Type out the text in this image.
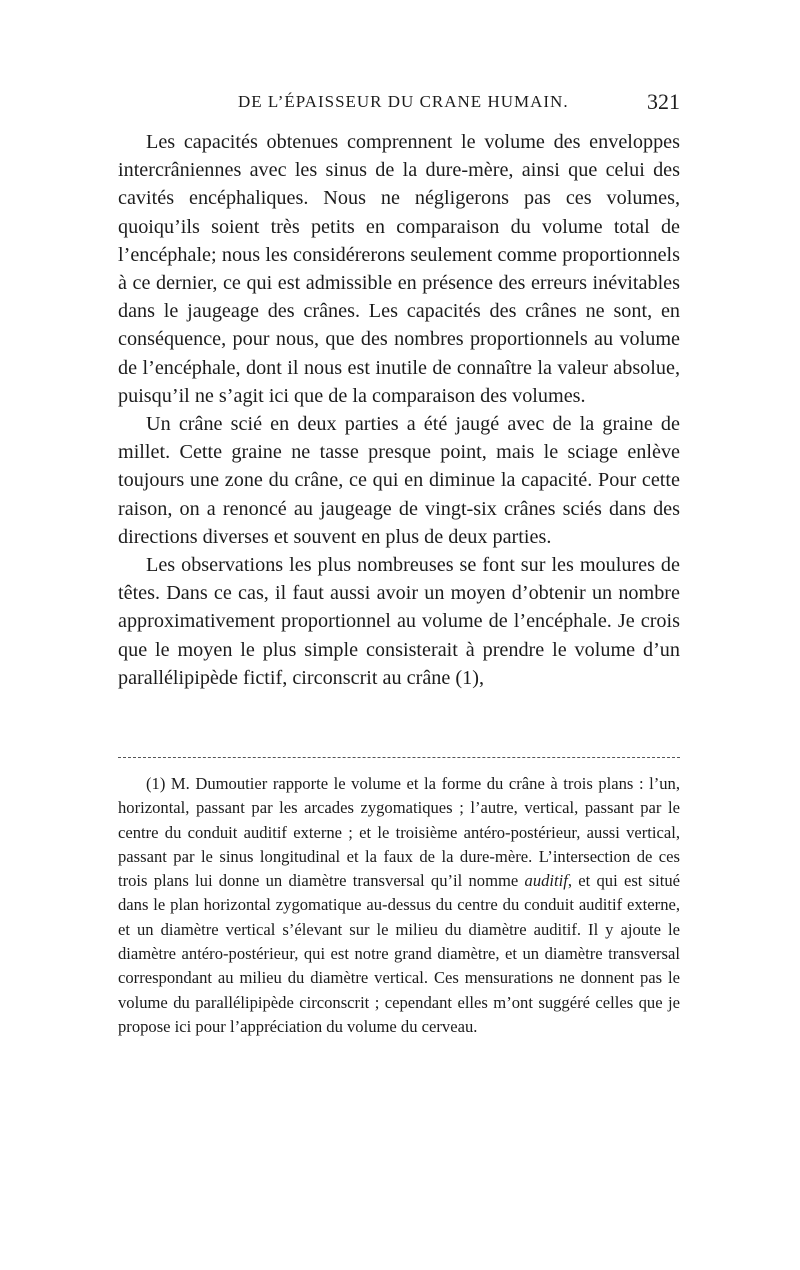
DE L’ÉPAISSEUR DU CRANE HUMAIN.	321

Les capacités obtenues comprennent le volume des enveloppes intercrâniennes avec les sinus de la dure-mère, ainsi que celui des cavités encéphaliques. Nous ne négligerons pas ces volumes, quoiqu’ils soient très petits en comparaison du volume total de l’encéphale; nous les considérerons seulement comme proportionnels à ce dernier, ce qui est admissible en présence des erreurs inévitables dans le jaugeage des crânes. Les capacités des crânes ne sont, en conséquence, pour nous, que des nombres proportionnels au volume de l’encéphale, dont il nous est inutile de connaître la valeur absolue, puisqu’il ne s’agit ici que de la comparaison des volumes.

Un crâne scié en deux parties a été jaugé avec de la graine de millet. Cette graine ne tasse presque point, mais le sciage enlève toujours une zone du crâne, ce qui en diminue la capacité. Pour cette raison, on a renoncé au jaugeage de vingt-six crânes sciés dans des directions diverses et souvent en plus de deux parties.

Les observations les plus nombreuses se font sur les moulures de têtes. Dans ce cas, il faut aussi avoir un moyen d’obtenir un nombre approximativement proportionnel au volume de l’encéphale. Je crois que le moyen le plus simple consisterait à prendre le volume d’un parallélipipède fictif, circonscrit au crâne (1),

(1) M. Dumoutier rapporte le volume et la forme du crâne à trois plans : l’un, horizontal, passant par les arcades zygomatiques ; l’autre, vertical, passant par le centre du conduit auditif externe ; et le troisième antéro-postérieur, aussi vertical, passant par le sinus longitudinal et la faux de la dure-mère. L’intersection de ces trois plans lui donne un diamètre transversal qu’il nomme auditif, et qui est situé dans le plan horizontal zygomatique au-dessus du centre du conduit auditif externe, et un diamètre vertical s’élevant sur le milieu du diamètre auditif. Il y ajoute le diamètre antéro-postérieur, qui est notre grand diamètre, et un diamètre transversal correspondant au milieu du diamètre vertical. Ces mensurations ne donnent pas le volume du parallélipipède circonscrit ; cependant elles m’ont suggéré celles que je propose ici pour l’appréciation du volume du cerveau.
